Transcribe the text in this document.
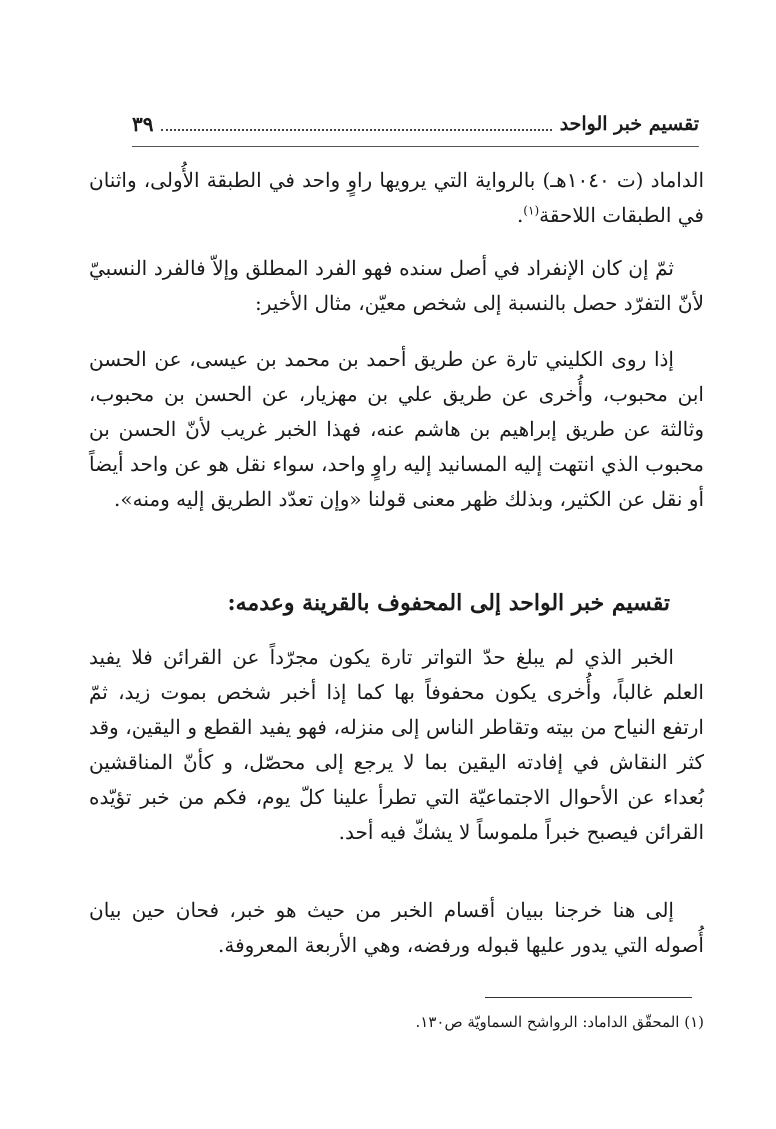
تقسيم خبر الواحد
٣٩
الداماد (ت ١٠٤٠هـ) بالرواية التي يرويها راوٍ واحد في الطبقة الأُولى، واثنان في الطبقات اللاحقة$^{(١)}$.
ثمّ إن كان الإنفراد في أصل سنده فهو الفرد المطلق وإلاّ فالفرد النسبيّ لأنّ التفرّد حصل بالنسبة إلى شخص معيّن، مثال الأخير:
إذا روى الكليني تارة عن طريق أحمد بن محمد بن عيسى، عن الحسن ابن محبوب، وأُخرى عن طريق علي بن مهزيار، عن الحسن بن محبوب، وثالثة عن طريق إبراهيم بن هاشم عنه، فهذا الخبر غريب لأنّ الحسن بن محبوب الذي انتهت إليه المسانيد إليه راوٍ واحد، سواء نقل هو عن واحد أيضاً أو نقل عن الكثير، وبذلك ظهر معنى قولنا «وإن تعدّد الطريق إليه ومنه».
تقسيم خبر الواحد إلى المحفوف بالقرينة وعدمه:
الخبر الذي لم يبلغ حدّ التواتر تارة يكون مجرّداً عن القرائن فلا يفيد العلم غالباً، وأُخرى يكون محفوفاً بها كما إذا أخبر شخص بموت زيد، ثمّ ارتفع النياح من بيته وتقاطر الناس إلى منزله، فهو يفيد القطع و اليقين، وقد كثر النقاش في إفادته اليقين بما لا يرجع إلى محصّل، و كأنّ المناقشين بُعداء عن الأحوال الاجتماعيّة التي تطرأ علينا كلّ يوم، فكم من خبر تؤيّده القرائن فيصبح خبراً ملموساً لا يشكّ فيه أحد.
إلى هنا خرجنا ببيان أقسام الخبر من حيث هو خبر، فحان حين بيان أُصوله التي يدور عليها قبوله ورفضه، وهي الأربعة المعروفة.
(١) المحقّق الداماد: الرواشح السماويّة ص١٣٠.
